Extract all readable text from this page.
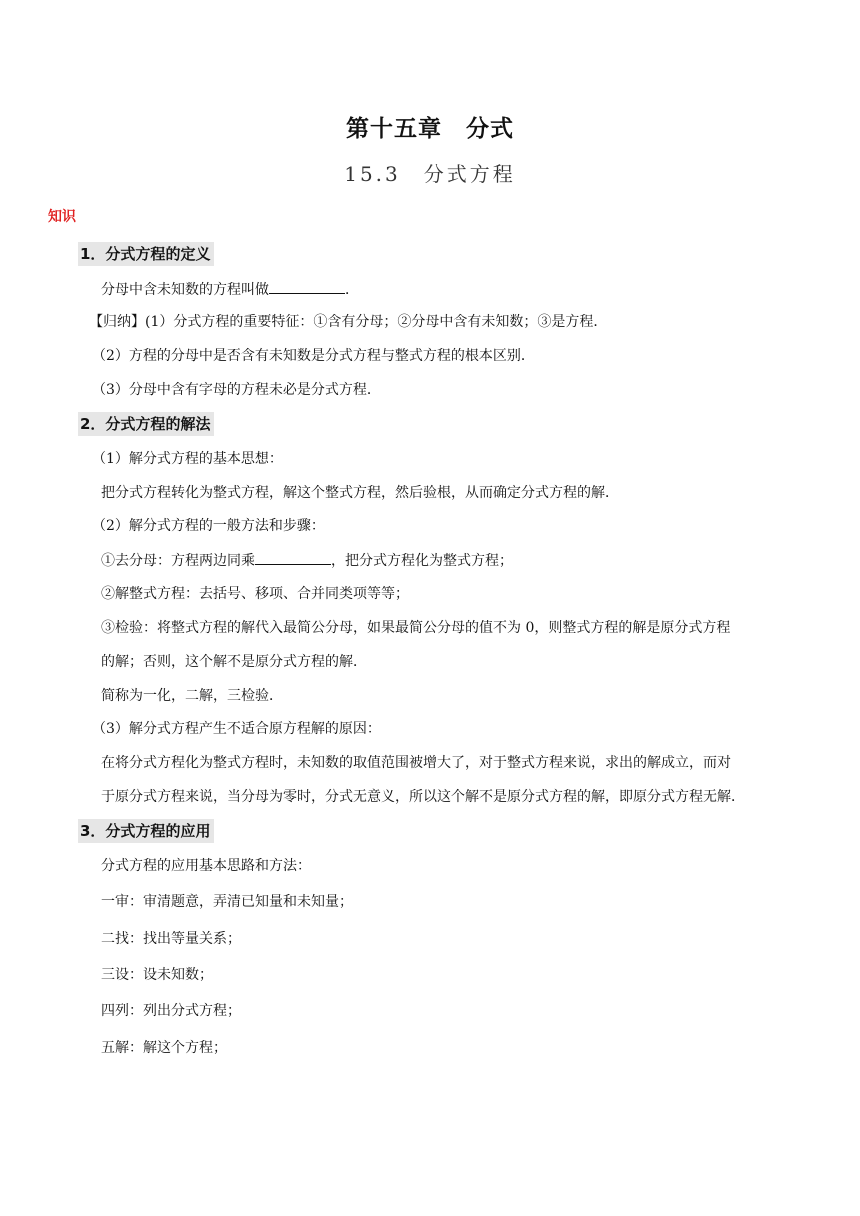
第十五章　分式
15.3　分式方程
知识
1．分式方程的定义
分母中含未知数的方程叫做	．
【归纳】(1）分式方程的重要特征：①含有分母；②分母中含有未知数；③是方程．
（2）方程的分母中是否含有未知数是分式方程与整式方程的根本区别．
（3）分母中含有字母的方程未必是分式方程．
2．分式方程的解法
（1）解分式方程的基本思想：
把分式方程转化为整式方程，解这个整式方程，然后验根，从而确定分式方程的解．
（2）解分式方程的一般方法和步骤：
①去分母：方程两边同乘	，把分式方程化为整式方程；
②解整式方程：去括号、移项、合并同类项等等；
③检验：将整式方程的解代入最简公分母，如果最简公分母的值不为 0，则整式方程的解是原分式方程
的解；否则，这个解不是原分式方程的解．
简称为一化，二解，三检验．
（3）解分式方程产生不适合原方程解的原因：
在将分式方程化为整式方程时，未知数的取值范围被增大了，对于整式方程来说，求出的解成立，而对
于原分式方程来说，当分母为零时，分式无意义，所以这个解不是原分式方程的解，即原分式方程无解．
3．分式方程的应用
分式方程的应用基本思路和方法：
一审：审清题意，弄清已知量和未知量；
二找：找出等量关系；
三设：设未知数；
四列：列出分式方程；
五解：解这个方程；
